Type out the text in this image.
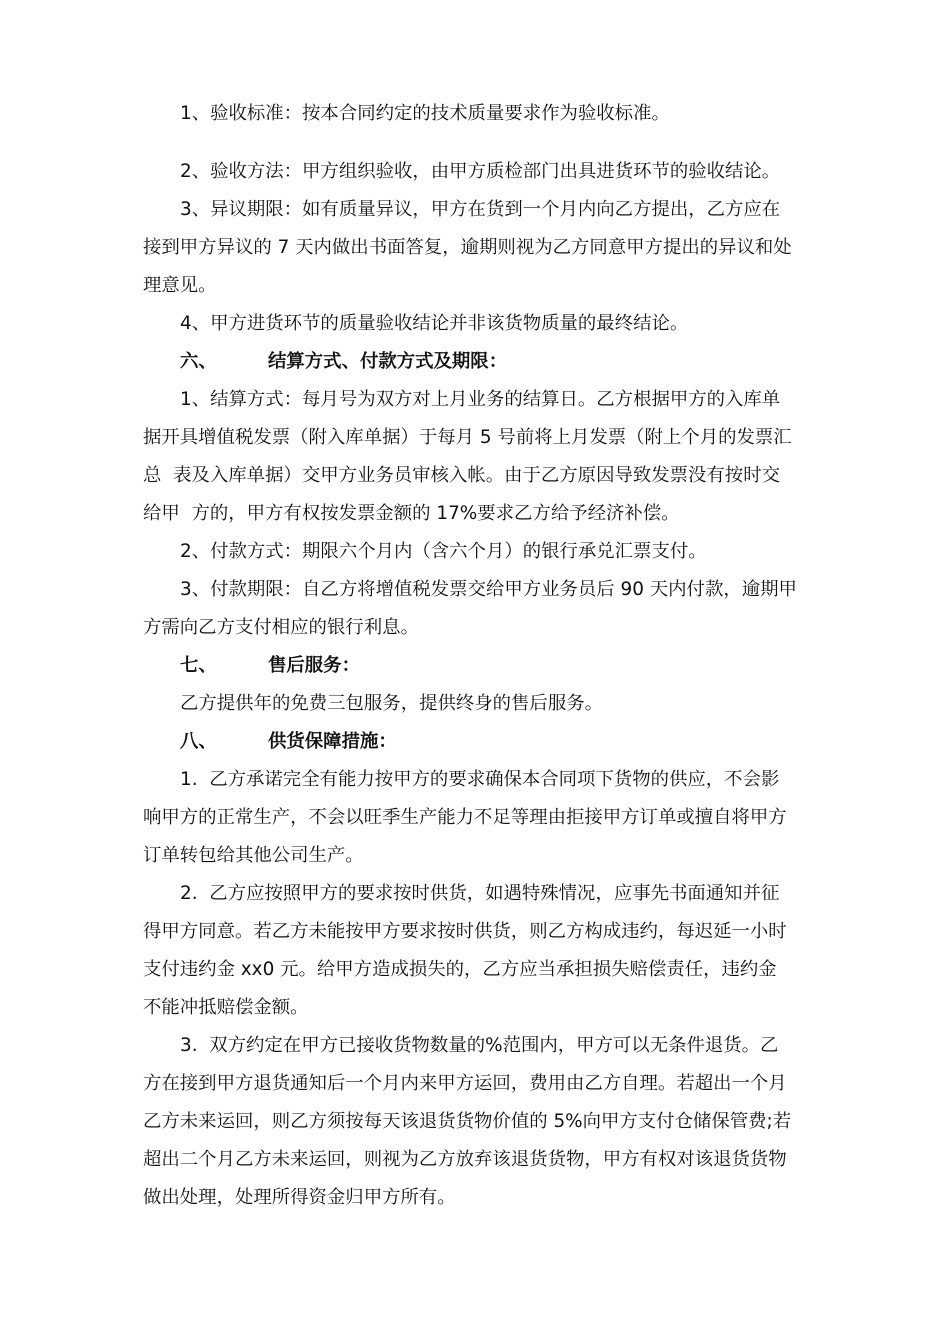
1、验收标准：按本合同约定的技术质量要求作为验收标准。
2、验收方法：甲方组织验收，由甲方质检部门出具进货环节的验收结论。
3、异议期限：如有质量异议，甲方在货到一个月内向乙方提出，乙方应在
接到甲方异议的 7 天内做出书面答复，逾期则视为乙方同意甲方提出的异议和处
理意见。
4、甲方进货环节的质量验收结论并非该货物质量的最终结论。
六、        结算方式、付款方式及期限：
1、结算方式：每月号为双方对上月业务的结算日。乙方根据甲方的入库单
据开具增值税发票（附入库单据）于每月 5 号前将上月发票（附上个月的发票汇
总  表及入库单据）交甲方业务员审核入帐。由于乙方原因导致发票没有按时交
给甲  方的，甲方有权按发票金额的 17%要求乙方给予经济补偿。
2、付款方式：期限六个月内（含六个月）的银行承兑汇票支付。
3、付款期限：自乙方将增值税发票交给甲方业务员后 90 天内付款，逾期甲
方需向乙方支付相应的银行利息。
七、        售后服务：
乙方提供年的免费三包服务，提供终身的售后服务。
八、        供货保障措施：
1.  乙方承诺完全有能力按甲方的要求确保本合同项下货物的供应，不会影
响甲方的正常生产，不会以旺季生产能力不足等理由拒接甲方订单或擅自将甲方
订单转包给其他公司生产。
2.  乙方应按照甲方的要求按时供货，如遇特殊情况，应事先书面通知并征
得甲方同意。若乙方未能按甲方要求按时供货，则乙方构成违约，每迟延一小时
支付违约金 xx0 元。给甲方造成损失的，乙方应当承担损失赔偿责任，违约金
不能冲抵赔偿金额。
3.  双方约定在甲方已接收货物数量的%范围内，甲方可以无条件退货。乙
方在接到甲方退货通知后一个月内来甲方运回，费用由乙方自理。若超出一个月
乙方未来运回，则乙方须按每天该退货货物价值的 5%向甲方支付仓储保管费;若
超出二个月乙方未来运回，则视为乙方放弃该退货货物，甲方有权对该退货货物
做出处理，处理所得资金归甲方所有。
